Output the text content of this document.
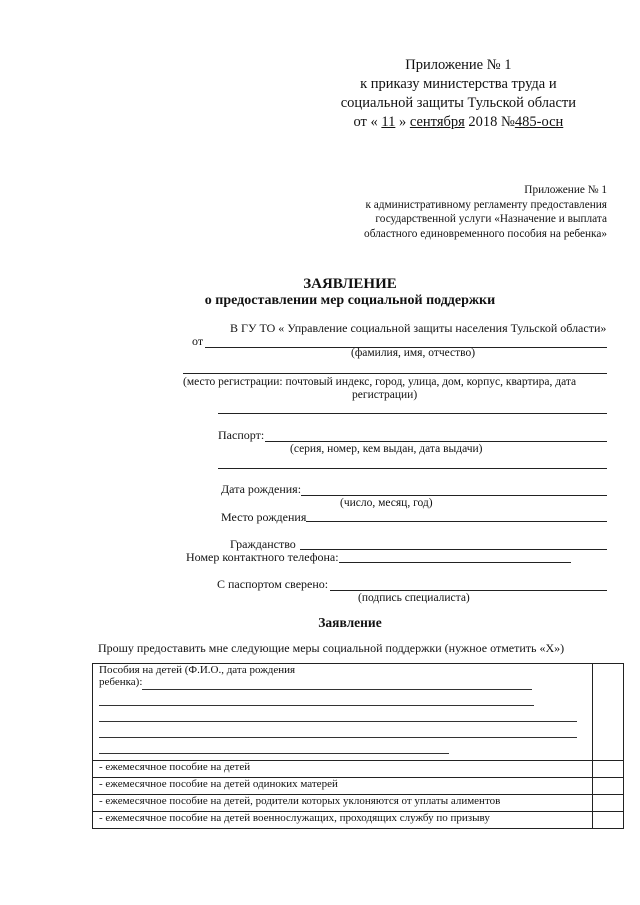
Приложение № 1
к приказу министерства труда и
социальной защиты Тульской области
от « 11 » сентября 2018 №485-осн
Приложение № 1
к административному регламенту предоставления
государственной услуги «Назначение и выплата
областного единовременного пособия на ребенка»
ЗАЯВЛЕНИЕ
о предоставлении мер социальной поддержки
В ГУ ТО « Управление социальной защиты населения Тульской области»
от
(фамилия, имя, отчество)
(место регистрации: почтовый индекс, город, улица, дом, корпус, квартира, дата
регистрации)
Паспорт:
(серия, номер, кем выдан, дата выдачи)
Дата рождения:
(число, месяц, год)
Место рождения
Гражданство
Номер контактного телефона:
С паспортом сверено:
(подпись специалиста)
Заявление
Прошу предоставить мне следующие меры социальной поддержки (нужное отметить «Х»)
Пособия на детей (Ф.И.О., дата рождения
ребенка):	

- ежемесячное пособие на детей	
- ежемесячное пособие на детей одиноких матерей	
- ежемесячное пособие на детей, родители которых уклоняются от уплаты алиментов	
- ежемесячное пособие на детей военнослужащих, проходящих службу по призыву	
